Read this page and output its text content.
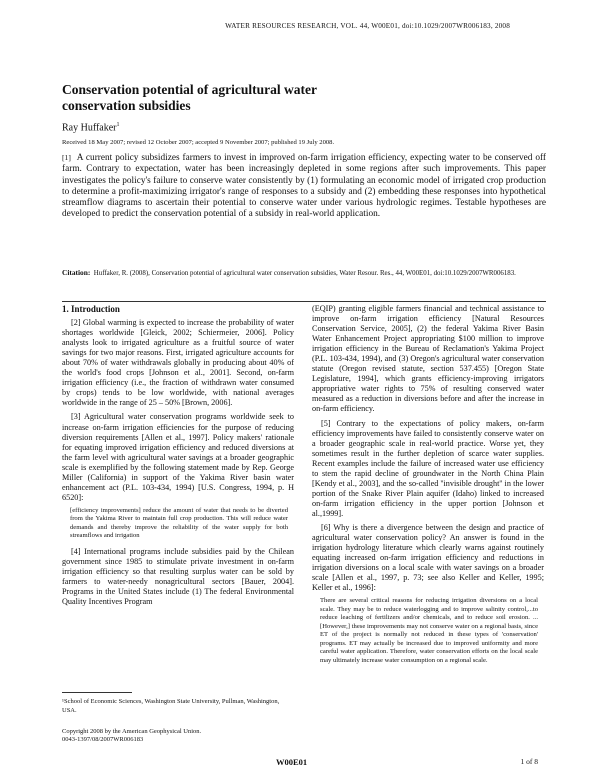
WATER RESOURCES RESEARCH, VOL. 44, W00E01, doi:10.1029/2007WR006183, 2008
Conservation potential of agricultural water conservation subsidies
Ray Huffaker$^1$
Received 18 May 2007; revised 12 October 2007; accepted 9 November 2007; published 19 July 2008.
[1] A current policy subsidizes farmers to invest in improved on-farm irrigation efficiency, expecting water to be conserved off farm. Contrary to expectation, water has been increasingly depleted in some regions after such improvements. This paper investigates the policy's failure to conserve water consistently by (1) formulating an economic model of irrigated crop production to determine a profit-maximizing irrigator's range of responses to a subsidy and (2) embedding these responses into hypothetical streamflow diagrams to ascertain their potential to conserve water under various hydrologic regimes. Testable hypotheses are developed to predict the conservation potential of a subsidy in real-world application.
Citation: Huffaker, R. (2008), Conservation potential of agricultural water conservation subsidies, Water Resour. Res., 44, W00E01, doi:10.1029/2007WR006183.

1. Introduction

[2] Global warming is expected to increase the probability of water shortages worldwide [Gleick, 2002; Schiermeier, 2006]. Policy analysts look to irrigated agriculture as a fruitful source of water savings for two major reasons. First, irrigated agriculture accounts for about 70% of water withdrawals globally in producing about 40% of the world's food crops [Johnson et al., 2001]. Second, on-farm irrigation efficiency (i.e., the fraction of withdrawn water consumed by crops) tends to be low worldwide, with national averages worldwide in the range of 25 – 50% [Brown, 2006].

[3] Agricultural water conservation programs worldwide seek to increase on-farm irrigation efficiencies for the purpose of reducing diversion requirements [Allen et al., 1997]. Policy makers' rationale for equating improved irrigation efficiency and reduced diversions at the farm level with agricultural water savings at a broader geographic scale is exemplified by the following statement made by Rep. George Miller (California) in support of the Yakima River basin water enhancement act (P.L. 103-434, 1994) [U.S. Congress, 1994, p. H 6520]:

[efficiency improvements] reduce the amount of water that needs to be diverted from the Yakima River to maintain full crop production. This will reduce water demands and thereby improve the reliability of the water supply for both streamflows and irrigation

[4] International programs include subsidies paid by the Chilean government since 1985 to stimulate private investment in on-farm irrigation efficiency so that resulting surplus water can be sold by farmers to water-needy nonagricultural sectors [Bauer, 2004]. Programs in the United States include (1) The federal Environmental Quality Incentives Program

(EQIP) granting eligible farmers financial and technical assistance to improve on-farm irrigation efficiency [Natural Resources Conservation Service, 2005], (2) the federal Yakima River Basin Water Enhancement Project appropriating $100 million to improve irrigation efficiency in the Bureau of Reclamation's Yakima Project (P.L. 103-434, 1994), and (3) Oregon's agricultural water conservation statute (Oregon revised statute, section 537.455) [Oregon State Legislature, 1994], which grants efficiency-improving irrigators appropriative water rights to 75% of resulting conserved water measured as a reduction in diversions before and after the increase in on-farm efficiency.

[5] Contrary to the expectations of policy makers, on-farm efficiency improvements have failed to consistently conserve water on a broader geographic scale in real-world practice. Worse yet, they sometimes result in the further depletion of scarce water supplies. Recent examples include the failure of increased water use efficiency to stem the rapid decline of groundwater in the North China Plain [Kendy et al., 2003], and the so-called ''invisible drought'' in the lower portion of the Snake River Plain aquifer (Idaho) linked to increased on-farm irrigation efficiency in the upper portion [Johnson et al.,1999].

[6] Why is there a divergence between the design and practice of agricultural water conservation policy? An answer is found in the irrigation hydrology literature which clearly warns against routinely equating increased on-farm irrigation efficiency and reductions in irrigation diversions on a local scale with water savings on a broader scale [Allen et al., 1997, p. 73; see also Keller and Keller, 1995; Keller et al., 1996]:

There are several critical reasons for reducing irrigation diversions on a local scale. They may be to reduce waterlogging and to improve salinity control,...to reduce leaching of fertilizers and/or chemicals, and to reduce soil erosion. ...[However,] these improvements may not conserve water on a regional basis, since ET of the project is normally not reduced in these types of 'conservation' programs. ET may actually be increased due to improved uniformity and more careful water application. Therefore, water conservation efforts on the local scale may ultimately increase water consumption on a regional scale.
¹School of Economic Sciences, Washington State University, Pullman, Washington, USA.
Copyright 2008 by the American Geophysical Union.
0043-1397/08/2007WR006183
W00E01	1 of 8
